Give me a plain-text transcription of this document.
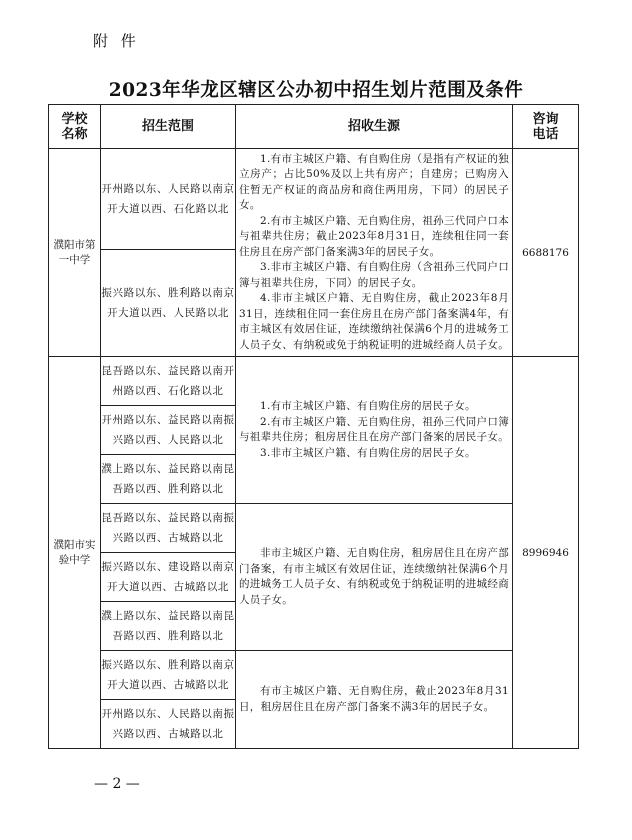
附 件
2023年华龙区辖区公办初中招生划片范围及条件
学校名称	招生范围	招收生源	咨询电话

濮阳市第一中学	开州路以东、人民路以南京开大道以西、石化路以北	1.有市主城区户籍、有自购住房（是指有产权证的独立房产；占比50%及以上共有房产；自建房；已购房入住暂无产权证的商品房和商住两用房，下同）的居民子女。

2.有市主城区户籍、无自购住房，祖孙三代同户口本与祖辈共住房；截止2023年8月31日，连续租住同一套住房且在房产部门备案满3年的居民子女。

3.非市主城区户籍、有自购住房（含祖孙三代同户口簿与祖辈共住房，下同）的居民子女。

4.非市主城区户籍、无自购住房，截止2023年8月31日，连续租住同一套住房且在房产部门备案满4年，有市主城区有效居住证，连续缴纳社保满6个月的进城务工人员子女、有纳税或免于纳税证明的进城经商人员子女。	6688176
	振兴路以东、胜利路以南京开大道以西、人民路以北		

濮阳市实验中学	昆吾路以东、益民路以南开州路以西、石化路以北	1.有市主城区户籍、有自购住房的居民子女。

2.有市主城区户籍、无自购住房，祖孙三代同户口簿与祖辈共住房；租房居住且在房产部门备案的居民子女。

3.非市主城区户籍、有自购住房的居民子女。	8996946
	开州路以东、益民路以南振兴路以西、人民路以北		
	濮上路以东、益民路以南昆吾路以西、胜利路以北		
	昆吾路以东、益民路以南振兴路以西、古城路以北	非市主城区户籍、无自购住房，租房居住且在房产部门备案，有市主城区有效居住证，连续缴纳社保满6个月的进城务工人员子女、有纳税或免于纳税证明的进城经商人员子女。	

	振兴路以东、建设路以南京开大道以西、古城路以北		
	濮上路以东、益民路以南昆吾路以西、胜利路以北		
	振兴路以东、胜利路以南京开大道以西、古城路以北	有市主城区户籍、无自购住房，截止2023年8月31日，租房居住且在房产部门备案不满3年的居民子女。	

	开州路以东、人民路以南振兴路以西、古城路以北		
— 2 —
